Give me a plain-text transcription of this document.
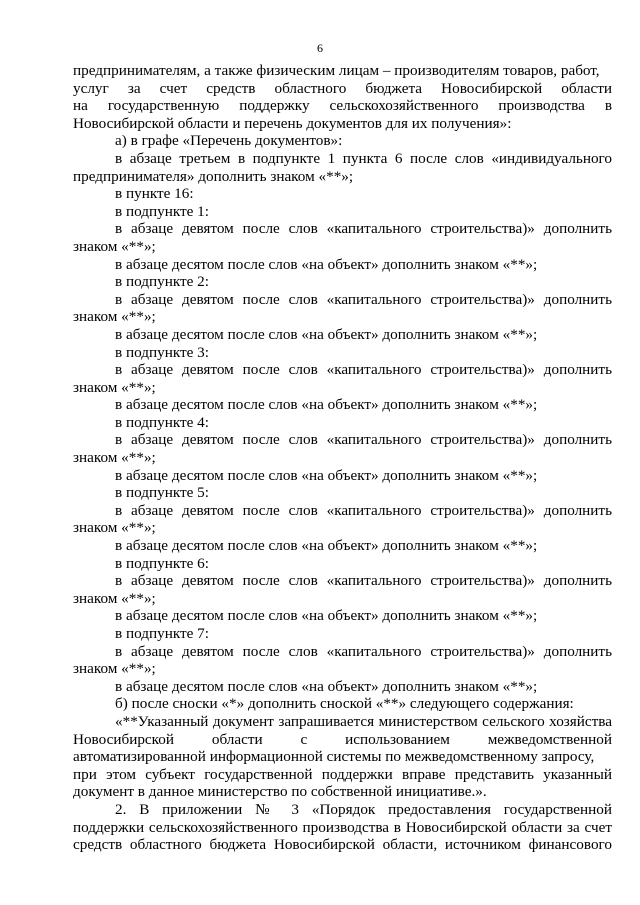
6
предпринимателям, а также физическим лицам – производителям товаров, работ,
услуг за счет средств областного бюджета Новосибирской области
на государственную поддержку сельскохозяйственного производства в
Новосибирской области и перечень документов для их получения»:
а) в графе «Перечень документов»:
в абзаце третьем в подпункте 1 пункта 6 после слов «индивидуального
предпринимателя» дополнить знаком «**»;
в пункте 16:
в подпункте 1:
в абзаце девятом после слов «капитального строительства)» дополнить
знаком «**»;
в абзаце десятом после слов «на объект» дополнить знаком «**»;
в подпункте 2:
в абзаце девятом после слов «капитального строительства)» дополнить
знаком «**»;
в абзаце десятом после слов «на объект» дополнить знаком «**»;
в подпункте 3:
в абзаце девятом после слов «капитального строительства)» дополнить
знаком «**»;
в абзаце десятом после слов «на объект» дополнить знаком «**»;
в подпункте 4:
в абзаце девятом после слов «капитального строительства)» дополнить
знаком «**»;
в абзаце десятом после слов «на объект» дополнить знаком «**»;
в подпункте 5:
в абзаце девятом после слов «капитального строительства)» дополнить
знаком «**»;
в абзаце десятом после слов «на объект» дополнить знаком «**»;
в подпункте 6:
в абзаце девятом после слов «капитального строительства)» дополнить
знаком «**»;
в абзаце десятом после слов «на объект» дополнить знаком «**»;
в подпункте 7:
в абзаце девятом после слов «капитального строительства)» дополнить
знаком «**»;
в абзаце десятом после слов «на объект» дополнить знаком «**»;
б) после сноски «*» дополнить сноской «**» следующего содержания:
«**Указанный документ запрашивается министерством сельского хозяйства
Новосибирской области с использованием межведомственной
автоматизированной информационной системы по межведомственному запросу,
при этом субъект государственной поддержки вправе представить указанный
документ в данное министерство по собственной инициативе.».
2. В приложении № 3 «Порядок предоставления государственной
поддержки сельскохозяйственного производства в Новосибирской области за счет
средств областного бюджета Новосибирской области, источником финансового
